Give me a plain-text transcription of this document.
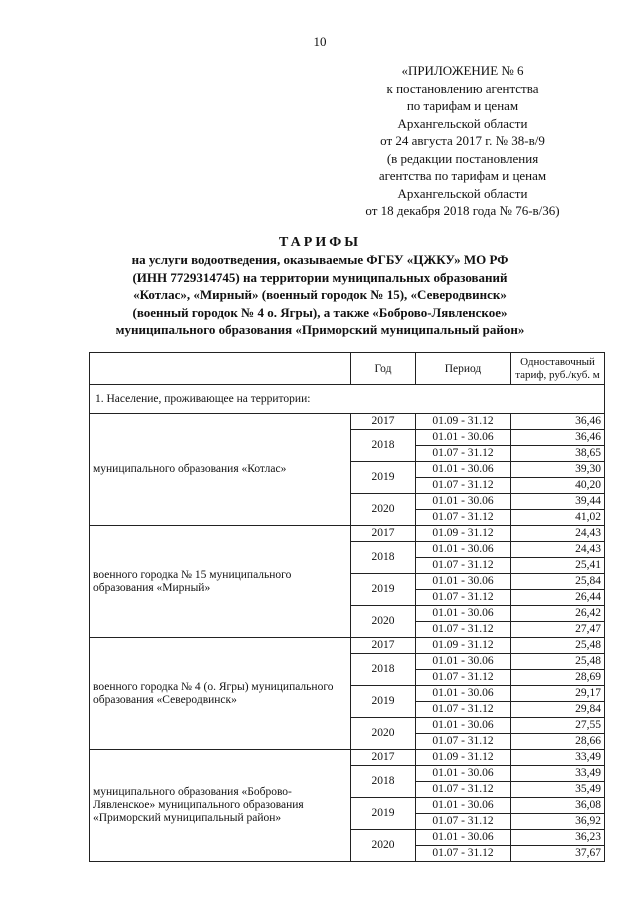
10
«ПРИЛОЖЕНИЕ № 6
к постановлению агентства
по тарифам и ценам
Архангельской области
от 24 августа 2017 г. № 38-в/9
(в редакции постановления
агентства по тарифам и ценам
Архангельской области
от 18 декабря 2018 года № 76-в/36)
ТАРИФЫ
на услуги водоотведения, оказываемые ФГБУ «ЦЖКУ» МО РФ
(ИНН 7729314745) на территории муниципальных образований
«Котлас», «Мирный» (военный городок № 15), «Северодвинск»
(военный городок № 4 о. Ягры), а также «Боброво-Лявленское»
муниципального образования «Приморский муниципальный район»
	Год	Период	Одноставочный тариф, руб./куб. м
1. Население, проживающее на территории:			
муниципального образования «Котлас»	2017	01.09 - 31.12	36,46
	2018	01.01 - 30.06	36,46
		01.07 - 31.12	38,65
	2019	01.01 - 30.06	39,30
		01.07 - 31.12	40,20
	2020	01.01 - 30.06	39,44
		01.07 - 31.12	41,02
военного городка № 15 муниципального образования «Мирный»	2017	01.09 - 31.12	24,43
	2018	01.01 - 30.06	24,43
		01.07 - 31.12	25,41
	2019	01.01 - 30.06	25,84
		01.07 - 31.12	26,44
	2020	01.01 - 30.06	26,42
		01.07 - 31.12	27,47
военного городка № 4 (о. Ягры) муниципального образования «Северодвинск»	2017	01.09 - 31.12	25,48
	2018	01.01 - 30.06	25,48
		01.07 - 31.12	28,69
	2019	01.01 - 30.06	29,17
		01.07 - 31.12	29,84
	2020	01.01 - 30.06	27,55
		01.07 - 31.12	28,66
муниципального образования «Боброво-Лявленское» муниципального образования «Приморский муниципальный район»	2017	01.09 - 31.12	33,49
	2018	01.01 - 30.06	33,49
		01.07 - 31.12	35,49
	2019	01.01 - 30.06	36,08
		01.07 - 31.12	36,92
	2020	01.01 - 30.06	36,23
		01.07 - 31.12	37,67
